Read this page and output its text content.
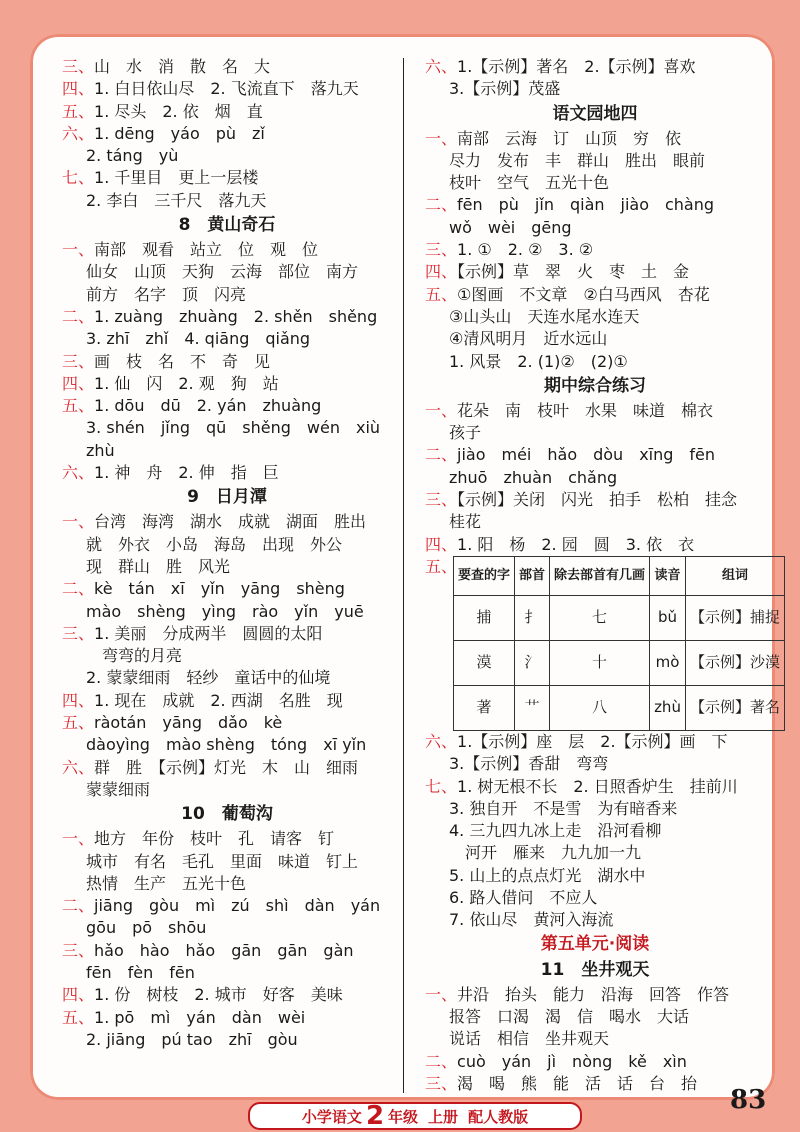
三、山　水　消　散　名　大
四、1. 白日依山尽　2. 飞流直下　落九天
五、1. 尽头　2. 依　烟　直
六、1. dēng　yáo　pù　zǐ
2. táng　yù
七、1. 千里目　更上一层楼
2. 李白　三千尺　落九天
8　黄山奇石
一、南部　观看　站立　位　观　位
仙女　山顶　天狗　云海　部位　南方
前方　名字　顶　闪亮
二、1. zuàng　zhuàng　2. shěn　shěng
3. zhī　zhǐ　4. qiāng　qiǎng
三、画　枝　名　不　奇　见
四、1. 仙　闪　2. 观　狗　站
五、1. dōu　dū　2. yán　zhuàng
3. shén　jǐng　qū　shěng　wén　xiù
zhù
六、1. 神　舟　2. 伸　指　巨
9　日月潭
一、台湾　海湾　湖水　成就　湖面　胜出
就　外衣　小岛　海岛　出现　外公
现　群山　胜　风光
二、kè　tán　xī　yǐn　yāng　shèng
mào　shèng　yìng　rào　yǐn　yuē
三、1. 美丽　分成两半　圆圆的太阳
弯弯的月亮
2. 蒙蒙细雨　轻纱　童话中的仙境
四、1. 现在　成就　2. 西湖　名胜　现
五、ràotán　yāng　dǎo　kè
dàoyìng　mào shèng　tóng　xī yǐn
六、群　胜　【示例】灯光　木　山　细雨
蒙蒙细雨
10　葡萄沟
一、地方　年份　枝叶　孔　请客　钉
城市　有名　毛孔　里面　味道　钉上
热情　生产　五光十色
二、jiāng　gòu　mì　zú　shì　dàn　yán
gōu　pō　shōu
三、hǎo　hào　hǎo　gān　gān　gàn
fēn　fèn　fēn
四、1. 份　树枝　2. 城市　好客　美味
五、1. pō　mì　yán　dàn　wèi
2. jiāng　pú tao　zhī　gòu
六、1.【示例】著名　2.【示例】喜欢
3.【示例】茂盛
语文园地四
一、南部　云海　订　山顶　穷　依
尽力　发布　丰　群山　胜出　眼前
枝叶　空气　五光十色
二、fēn　pù　jǐn　qiàn　jiào　chàng
wǒ　wèi　gēng
三、1. ①　2. ②　3. ②
四、【示例】草　翠　火　枣　土　金
五、①图画　不文章　②白马西风　杏花
③山头山　天连水尾水连天
④清风明月　近水远山
1. 风景　2. (1)②　(2)①
期中综合练习
一、花朵　南　枝叶　水果　味道　棉衣
孩子
二、jiào　méi　hǎo　dòu　xīng　fēn
zhuō　zhuàn　chǎng
三、【示例】关闭　闪光　拍手　松柏　挂念
桂花
四、1. 阳　杨　2. 园　圆　3. 依　衣
五、 要查的字	部首	除去部首有几画	读音	组词
捕	扌	七	bǔ	【示例】捕捉
漠	氵	十	mò	【示例】沙漠
著	艹	八	zhù	【示例】著名
六、1.【示例】座　层　2.【示例】画　下
3.【示例】香甜　弯弯
七、1. 树无根不长　2. 日照香炉生　挂前川
3. 独自开　不是雪　为有暗香来
4. 三九四九冰上走　沿河看柳
河开　雁来　九九加一九
5. 山上的点点灯光　湖水中
6. 路人借问　不应人
7. 依山尽　黄河入海流
第五单元·阅读
11　坐井观天
一、井沿　抬头　能力　沿海　回答　作答
报答　口渴　渴　信　喝水　大话
说话　相信　坐井观天
二、cuò　yán　jì　nòng　kě　xìn
三、渴　喝　熊　能　活　话　台　抬
小学语文 2 年级 上册 配人教版
83
